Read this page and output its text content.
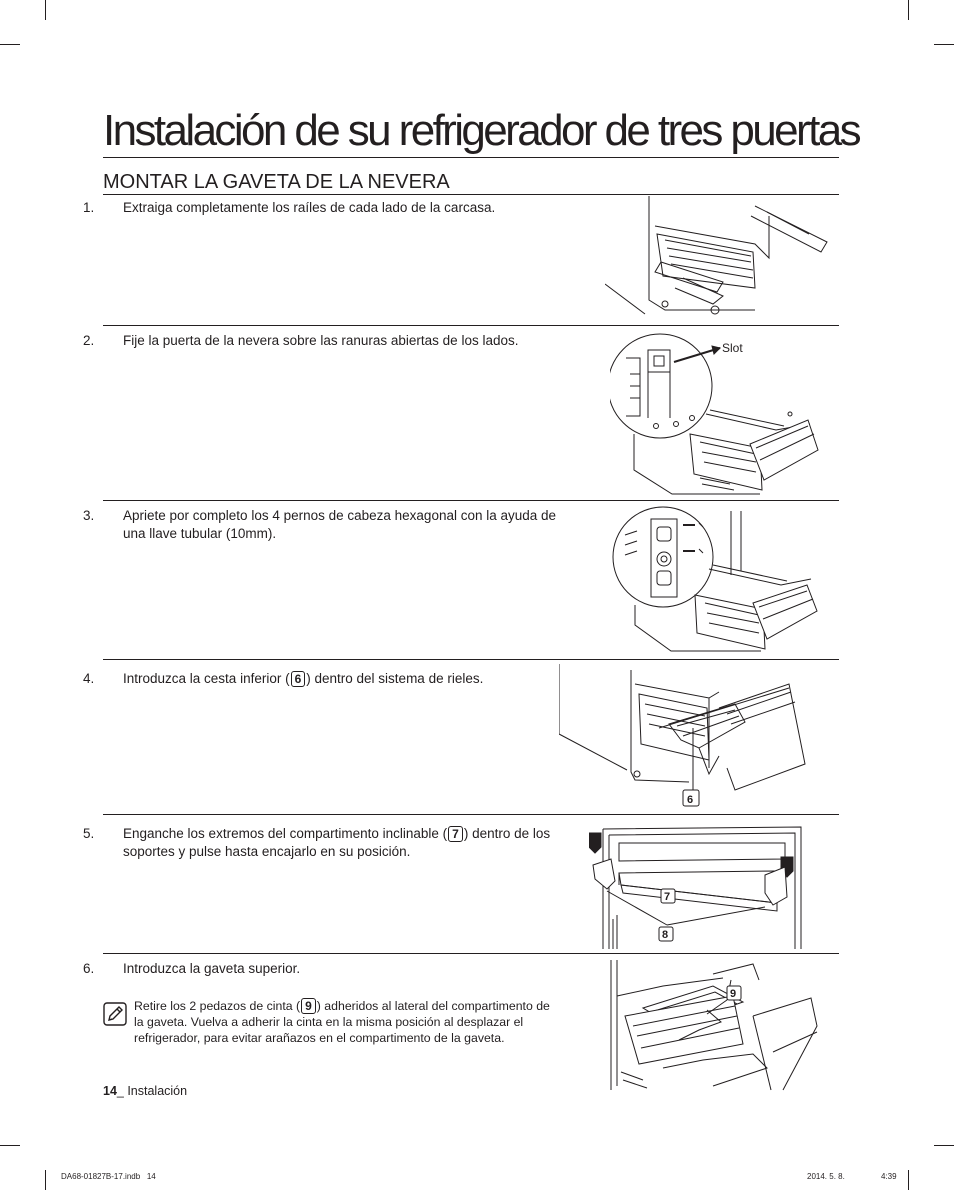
Instalación de su refrigerador de tres puertas
MONTAR LA GAVETA DE LA NEVERA
1. Extraiga completamente los raíles de cada lado de la carcasa.
2. Fije la puerta de la nevera sobre las ranuras abiertas de los lados.	Slot
3. Apriete por completo los 4 pernos de cabeza hexagonal con la ayuda de una llave tubular (10mm).
4. Introduzca la cesta inferior ( 6 ) dentro del sistema de rieles.
6
5. Enganche los extremos del compartimento inclinable ( 7 ) dentro de los soportes y pulse hasta encajarlo en su posición.
7
8
6. Introduzca la gaveta superior.
9
Retire los 2 pedazos de cinta ( 9 ) adheridos al lateral del compartimento de la gaveta. Vuelva a adherir la cinta en la misma posición al desplazar el refrigerador, para evitar arañazos en el compartimento de la gaveta.
14_ Instalación
DA68-01827B-17.indb   14	2014. 5. 8.	4:39
